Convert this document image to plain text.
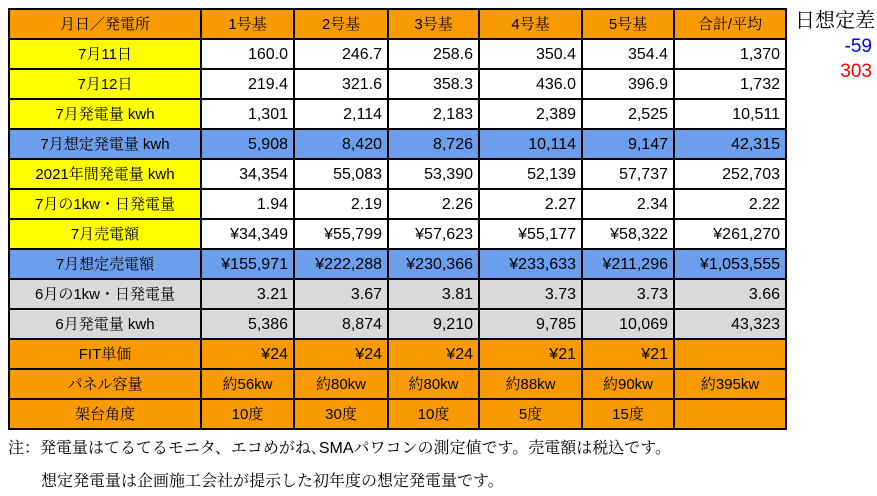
月日／発電所	1号基	2号基	3号基	4号基	5号基	合計/平均
7月11日	160.0	246.7	258.6	350.4	354.4	1,370
7月12日	219.4	321.6	358.3	436.0	396.9	1,732
7月発電量 kwh	1,301	2,114	2,183	2,389	2,525	10,511
7月想定発電量 kwh	5,908	8,420	8,726	10,114	9,147	42,315
2021年間発電量 kwh	34,354	55,083	53,390	52,139	57,737	252,703
7月の1kw・日発電量	1.94	2.19	2.26	2.27	2.34	2.22
7月売電額	¥34,349	¥55,799	¥57,623	¥55,177	¥58,322	¥261,270
7月想定売電額	¥155,971	¥222,288	¥230,366	¥233,633	¥211,296	¥1,053,555
6月の1kw・日発電量	3.21	3.67	3.81	3.73	3.73	3.66
6月発電量 kwh	5,386	8,874	9,210	9,785	10,069	43,323
FIT単価	¥24	¥24	¥24	¥21	¥21	
パネル容量	約56kw	約80kw	約80kw	約88kw	約90kw	約395kw
架台角度	10度	30度	10度	5度	15度	
日想定差
-59
303
注：発電量はてるてるモニタ、エコめがね､SMAパワコンの測定値です。売電額は税込です。
想定発電量は企画施工会社が提示した初年度の想定発電量です。
